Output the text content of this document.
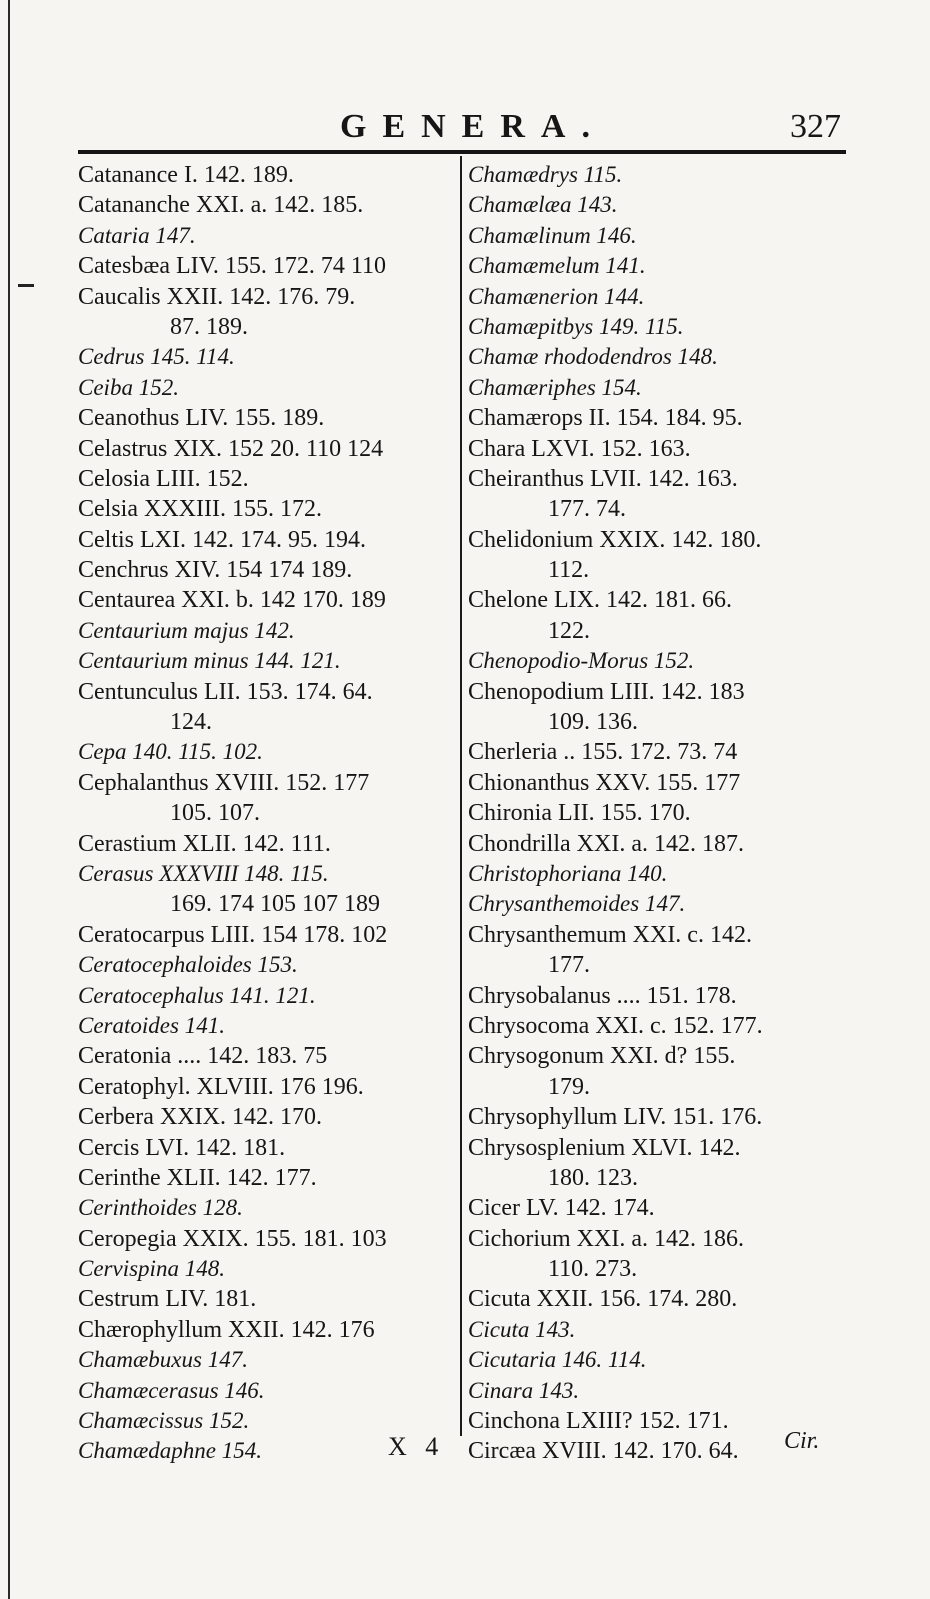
GENERA.	327
Catanance I. 142. 189.
Catananche XXI. a. 142. 185.
Cataria 147.
Catesbæa LIV. 155. 172. 74 110
Caucalis XXII. 142. 176. 79.
87. 189.
Cedrus 145. 114.
Ceiba 152.
Ceanothus LIV. 155. 189.
Celastrus XIX. 152 20. 110 124
Celosia LIII. 152.
Celsia XXXIII. 155. 172.
Celtis LXI. 142. 174. 95. 194.
Cenchrus XIV. 154 174 189.
Centaurea XXI. b. 142 170. 189
Centaurium majus 142.
Centaurium minus 144. 121.
Centunculus LII. 153. 174. 64.
124.
Cepa 140. 115. 102.
Cephalanthus XVIII. 152. 177
105. 107.
Cerastium XLII. 142. 111.
Cerasus XXXVIII 148. 115.
169. 174 105 107 189
Ceratocarpus LIII. 154 178. 102
Ceratocephaloides 153.
Ceratocephalus 141. 121.
Ceratoides 141.
Ceratonia .... 142. 183. 75
Ceratophyl. XLVIII. 176 196.
Cerbera XXIX. 142. 170.
Cercis LVI. 142. 181.
Cerinthe XLII. 142. 177.
Cerinthoides 128.
Ceropegia XXIX. 155. 181. 103
Cervispina 148.
Cestrum LIV. 181.
Chærophyllum XXII. 142. 176
Chamæbuxus 147.
Chamæcerasus 146.
Chamæcissus 152.
Chamædaphne 154.
Chamædrys 115.
Chamælæa 143.
Chamælinum 146.
Chamæmelum 141.
Chamænerion 144.
Chamæpitbys 149. 115.
Chamæ rhododendros 148.
Chamæriphes 154.
Chamærops II. 154. 184. 95.
Chara LXVI. 152. 163.
Cheiranthus LVII. 142. 163.
177. 74.
Chelidonium XXIX. 142. 180.
112.
Chelone LIX. 142. 181. 66.
122.
Chenopodio-Morus 152.
Chenopodium LIII. 142. 183
109. 136.
Cherleria .. 155. 172. 73. 74
Chionanthus XXV. 155. 177
Chironia LII. 155. 170.
Chondrilla XXI. a. 142. 187.
Christophoriana 140.
Chrysanthemoides 147.
Chrysanthemum XXI. c. 142.
177.
Chrysobalanus .... 151. 178.
Chrysocoma XXI. c. 152. 177.
Chrysogonum XXI. d? 155.
179.
Chrysophyllum LIV. 151. 176.
Chrysosplenium XLVI. 142.
180. 123.
Cicer LV. 142. 174.
Cichorium XXI. a. 142. 186.
110. 273.
Cicuta XXII. 156. 174. 280.
Cicuta 143.
Cicutaria 146. 114.
Cinara 143.
Cinchona LXIII? 152. 171.
Circæa XVIII. 142. 170. 64.
X 4	Cir.
